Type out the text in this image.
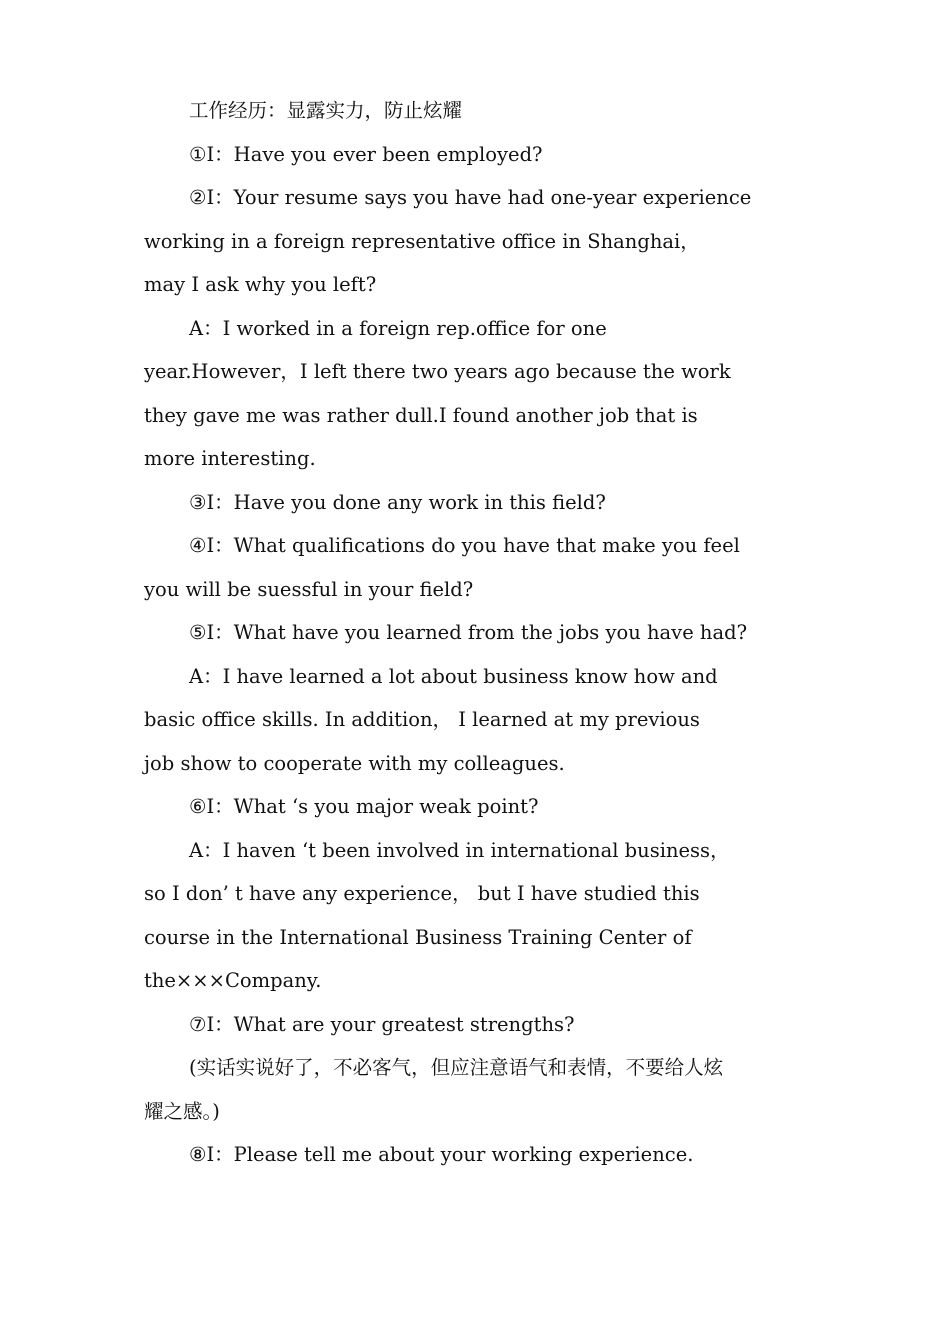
工作经历：显露实力，防止炫耀
①I：Have you ever been employed?
②I：Your resume says you have had one-year experience
working in a foreign representative office in Shanghai，
may I ask why you left?
A：I worked in a foreign rep.office for one
year.However，I left there two years ago because the work
they gave me was rather dull.I found another job that is
more interesting.
③I：Have you done any work in this field?
④I：What qualifications do you have that make you feel
you will be suessful in your field?
⑤I：What have you learned from the jobs you have had?
A：I have learned a lot about business know how and
basic office skills. In addition， I learned at my previous
job show to cooperate with my colleagues.
⑥I：What ‘s you major weak point?
A：I haven ‘t been involved in international business，
so I don’ t have any experience， but I have studied this
course in the International Business Training Center of
the×××Company.
⑦I：What are your greatest strengths?
(实话实说好了，不必客气，但应注意语气和表情，不要给人炫
耀之感。)
⑧I：Please tell me about your working experience.
